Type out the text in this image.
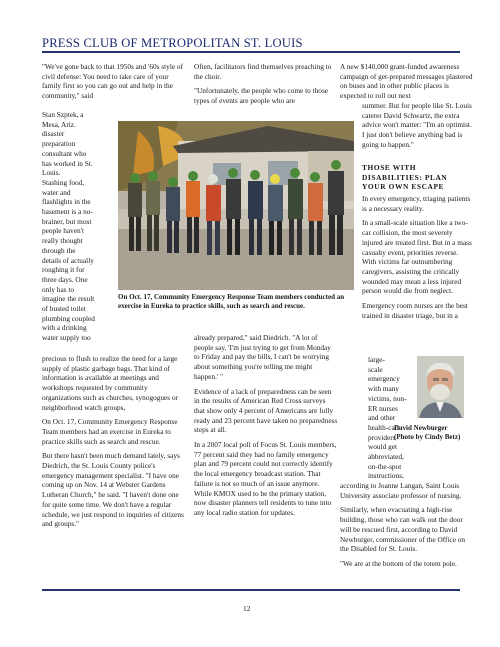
PRESS CLUB OF METROPOLITAN ST. LOUIS

"We've gone back to that 1950s and '60s style of civil defense: You need to take care of your family first so you can go out and help in the community," said

Stan Szptek, a
Mesa, Ariz.
disaster
preparation
consultant who
has worked in St.
Louis.
Stashing food,
water and
flashlights in the
basement is a no-
brainer, but most
people haven't
really thought
through the
details of actually
roughing it for
three days. One
only has to
imagine the result
of busted toilet
plumbing coupled
with a drinking
water supply too

precious to flush to realize the need for a large supply of plastic garbage bags. That kind of information is available at meetings and workshops requested by community organizations such as churches, synogogues or neighborhood watch groups,

On Oct. 17, Community Emergency Response Team members had an exercise in Eureka to practice skills such as search and rescue.

But there hasn't been much demand lately, says Diedrich, the St. Louis County police's emergency management specialist. "I have one coming up on Nov. 14 at Webster Gardens Lutheran Church," he said. "I haven't done one for quite some time. We don't have a regular schedule, we just respond to inquiries of citizens and groups."

Often, facilitators find themselves preaching to the choir.

"Unfortunately, the people who come to those types of events are people who are

already prepared," said Diedrich. "A lot of people say, 'I'm just trying to get from Monday to Friday and pay the bills, I can't be worrying about something you're telling me might happen.' "

Evidence of a lack of preparedness can be seen in the results of American Red Cross surveys that show only 4 percent of Americans are fully ready and 23 percent have taken no preparedness steps at all.

In a 2007 local poll of Focus St. Louis members, 77 percent said they had no family emergency plan and 79 percent could not correctly identify the local emergency broadcast station. That failure is not so much of an issue anymore. While KMOX used to be the primary station, now disaster planners tell residents to tune into any local radio station for updates.

A new $140,000 grant-funded awareness campaign of get-prepared messages plastered on buses and in other public places is expected to roll out next

summer. But for people like St. Louis caterer David Schwartz, the extra advice won't matter: "I'm an optimist. I just don't believe anything bad is going to happen."

THOSE WITH DISABILITIES: PLAN YOUR OWN ESCAPE

In every emergency, triaging patients is a necessary reality.

In a small-scale situation like a two-car collision, the most severely injured are treated first. But in a mass casualty event, priorities reverse. With victims far outnumbering caregivers, assisting the critically wounded may mean a less injured person would die from neglect.

Emergency room nurses are the best trained in disaster triage, but in a

large-
scale
emergency
with many
victims, non-
ER nurses
and other
health-care
providers
would get
abbreviated,
on-the-spot
instructions,

according to Joanne Langan, Saint Louis University associate professor of nursing.

Similarly, when evacuating a high-rise building, those who can walk out the door will be rescued first, according to David Newburger, commissioner of the Office on the Disabled for St. Louis.

"We are at the bottom of the totem pole.

On Oct. 17, Community Emergency Response Team members conducted an exercise in Eureka to practice skills, such as search and rescue.
David Newburger
(Photo by Cindy Betz)
12
